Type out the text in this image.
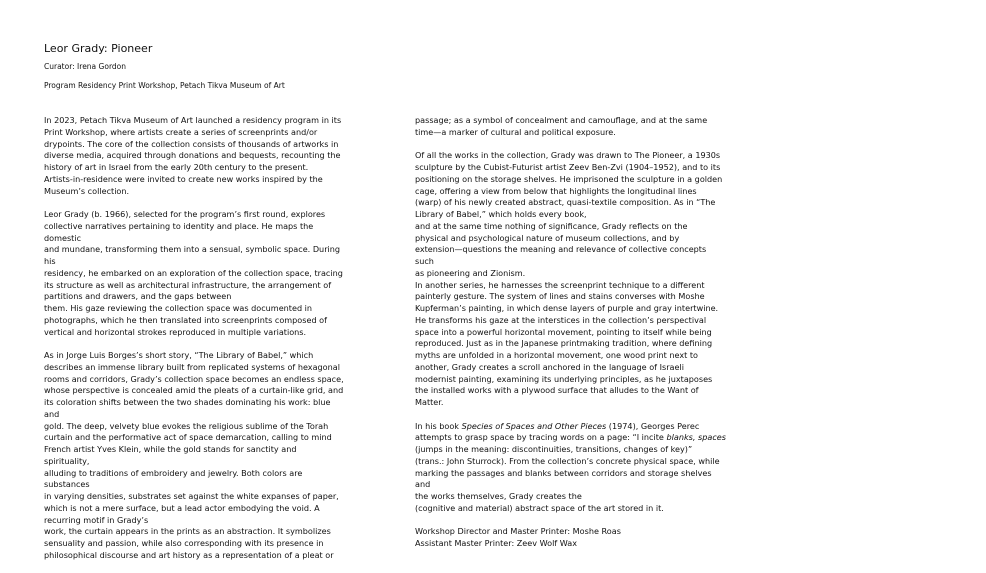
Leor Grady: Pioneer
Curator: Irena Gordon
Program Residency Print Workshop, Petach Tikva Museum of Art

In 2023, Petach Tikva Museum of Art launched a residency program in its
Print Workshop, where artists create a series of screenprints and/or
drypoints. The core of the collection consists of thousands of artworks in
diverse media, acquired through donations and bequests, recounting the
history of art in Israel from the early 20th century to the present.
Artists-in-residence were invited to create new works inspired by the
Museum’s collection.

Leor Grady (b. 1966), selected for the program’s first round, explores
collective narratives pertaining to identity and place. He maps the domestic
and mundane, transforming them into a sensual, symbolic space. During his
residency, he embarked on an exploration of the collection space, tracing
its structure as well as architectural infrastructure, the arrangement of
partitions and drawers, and the gaps between
them. His gaze reviewing the collection space was documented in
photographs, which he then translated into screenprints composed of
vertical and horizontal strokes reproduced in multiple variations.

As in Jorge Luis Borges’s short story, “The Library of Babel,” which
describes an immense library built from replicated systems of hexagonal
rooms and corridors, Grady’s collection space becomes an endless space,
whose perspective is concealed amid the pleats of a curtain-like grid, and
its coloration shifts between the two shades dominating his work: blue and
gold. The deep, velvety blue evokes the religious sublime of the Torah
curtain and the performative act of space demarcation, calling to mind
French artist Yves Klein, while the gold stands for sanctity and spirituality,
alluding to traditions of embroidery and jewelry. Both colors are substances
in varying densities, substrates set against the white expanses of paper,
which is not a mere surface, but a lead actor embodying the void. A
recurring motif in Grady’s
work, the curtain appears in the prints as an abstraction. It symbolizes
sensuality and passion, while also corresponding with its presence in
philosophical discourse and art history as a representation of a pleat or

passage; as a symbol of concealment and camouflage, and at the same
time—a marker of cultural and political exposure.

Of all the works in the collection, Grady was drawn to The Pioneer, a 1930s
sculpture by the Cubist-Futurist artist Zeev Ben-Zvi (1904–1952), and to its
positioning on the storage shelves. He imprisoned the sculpture in a golden
cage, offering a view from below that highlights the longitudinal lines
(warp) of his newly created abstract, quasi-textile composition. As in “The
Library of Babel,” which holds every book,
and at the same time nothing of significance, Grady reflects on the
physical and psychological nature of museum collections, and by
extension—questions the meaning and relevance of collective concepts such
as pioneering and Zionism.
In another series, he harnesses the screenprint technique to a different
painterly gesture. The system of lines and stains converses with Moshe
Kupferman’s painting, in which dense layers of purple and gray intertwine.
He transforms his gaze at the interstices in the collection’s perspectival
space into a powerful horizontal movement, pointing to itself while being
reproduced. Just as in the Japanese printmaking tradition, where defining
myths are unfolded in a horizontal movement, one wood print next to
another, Grady creates a scroll anchored in the language of Israeli
modernist painting, examining its underlying principles, as he juxtaposes
the installed works with a plywood surface that alludes to the Want of
Matter.

In his book Species of Spaces and Other Pieces (1974), Georges Perec
attempts to grasp space by tracing words on a page: “I incite blanks, spaces
(jumps in the meaning: discontinuities, transitions, changes of key)”
(trans.: John Sturrock). From the collection’s concrete physical space, while
marking the passages and blanks between corridors and storage shelves and
the works themselves, Grady creates the
(cognitive and material) abstract space of the art stored in it.

Workshop Director and Master Printer: Moshe Roas
Assistant Master Printer: Zeev Wolf Wax
